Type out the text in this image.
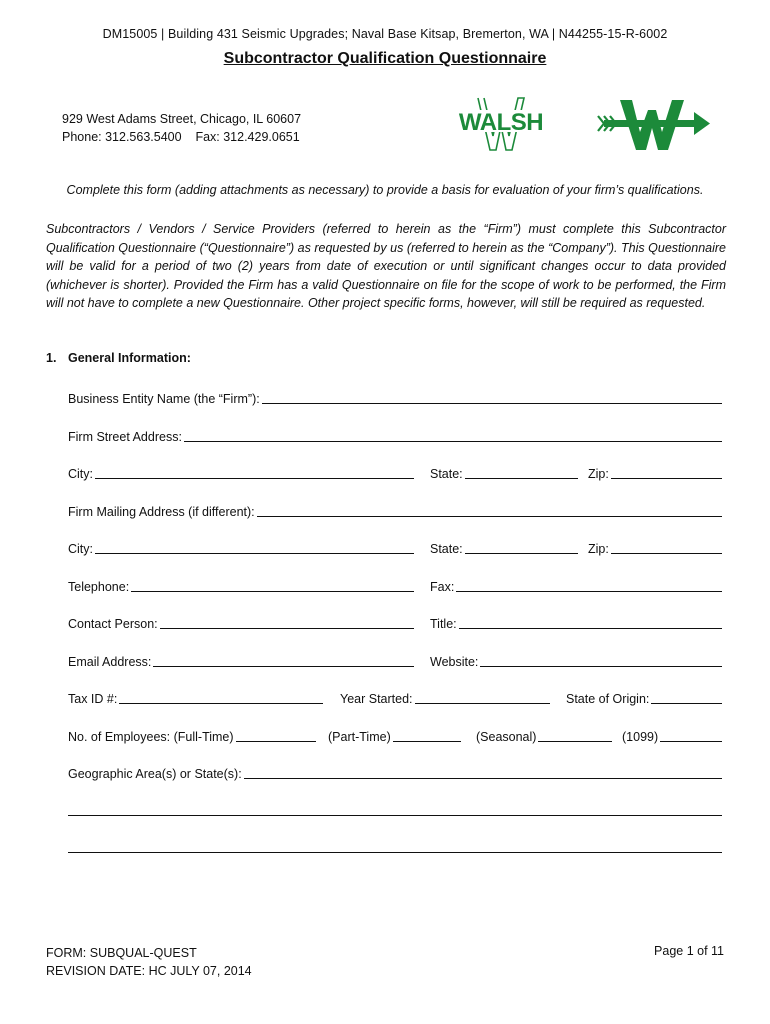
DM15005 | Building 431 Seismic Upgrades; Naval Base Kitsap, Bremerton, WA | N44255-15-R-6002
Subcontractor Qualification Questionnaire
929 West Adams Street, Chicago, IL 60607
Phone: 312.563.5400    Fax: 312.429.0651
WALSH
Complete this form (adding attachments as necessary) to provide a basis for evaluation of your firm’s qualifications.
Subcontractors / Vendors / Service Providers (referred to herein as the “Firm”) must complete this Subcontractor Qualification Questionnaire (“Questionnaire”) as requested by us (referred to herein as the “Company”). This Questionnaire will be valid for a period of two (2) years from date of execution or until significant changes occur to data provided (whichever is shorter). Provided the Firm has a valid Questionnaire on file for the scope of work to be performed, the Firm will not have to complete a new Questionnaire. Other project specific forms, however, will still be required as requested.
1. General Information:
Business Entity Name (the “Firm”):
Firm Street Address:
City:	State:	Zip:
Firm Mailing Address (if different):
City:	State:	Zip:
Telephone:	Fax:
Contact Person:	Title:
Email Address:	Website:
Tax ID #:	Year Started:	State of Origin:
No. of Employees: (Full-Time)	(Part-Time)	(Seasonal)	(1099)
Geographic Area(s) or State(s):
FORM: SUBQUAL-QUEST
REVISION DATE: HC JULY 07, 2014
Page 1 of 11
